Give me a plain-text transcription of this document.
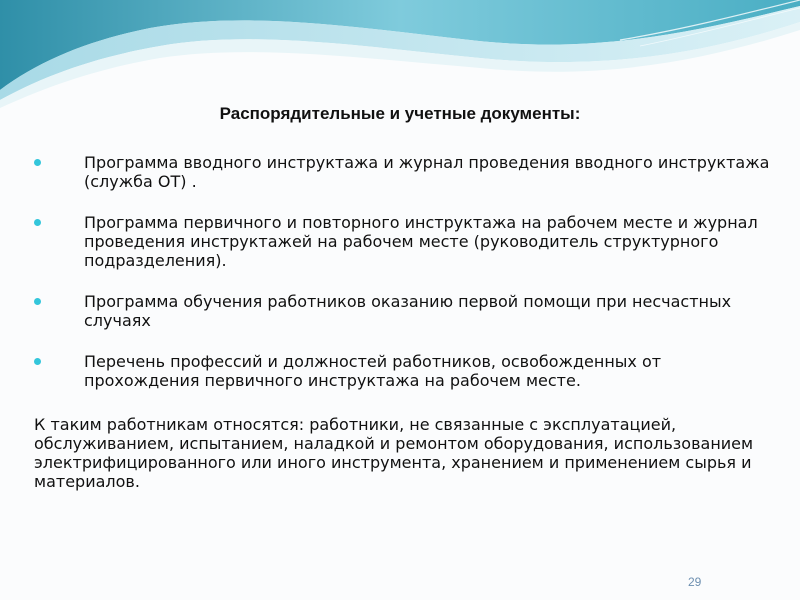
Распорядительные и учетные документы:
Программа вводного инструктажа и журнал проведения вводного инструктажа (служба ОТ) .
Программа первичного и повторного инструктажа на рабочем месте и журнал проведения инструктажей на рабочем месте (руководитель структурного подразделения).
Программа обучения работников оказанию первой помощи при несчастных случаях
Перечень профессий и должностей работников, освобожденных от прохождения первичного инструктажа на рабочем месте.

К таким работникам относятся: работники, не связанные с эксплуатацией, обслуживанием, испытанием, наладкой и ремонтом оборудования, использованием электрифицированного или иного инструмента, хранением и применением сырья и материалов.

29
